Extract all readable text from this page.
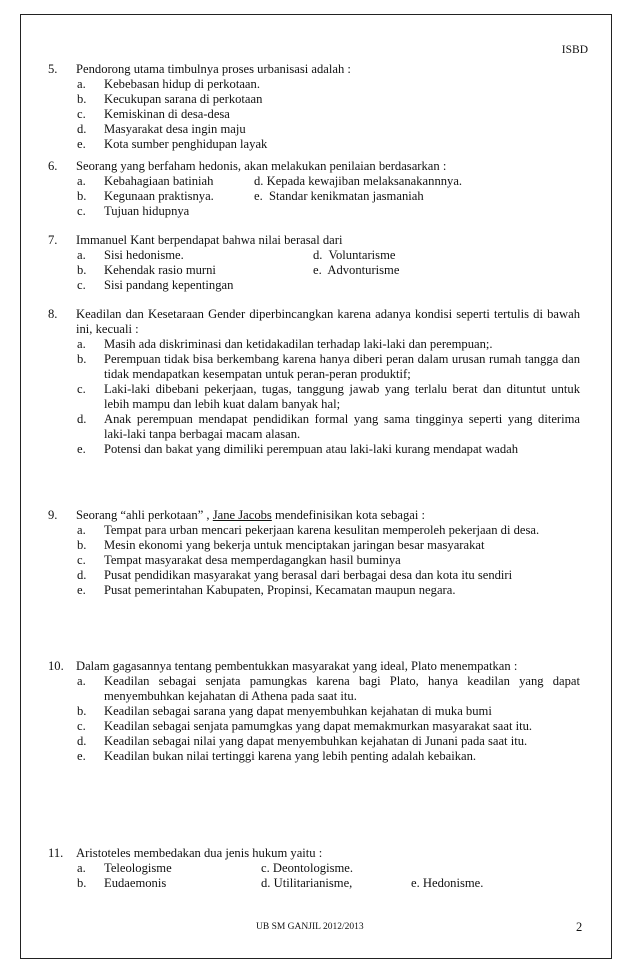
ISBD
5. Pendorong utama timbulnya proses urbanisasi adalah :
a. Kebebasan hidup di perkotaan.
b. Kecukupan sarana di perkotaan
c. Kemiskinan di desa-desa
d. Masyarakat desa ingin maju
e. Kota sumber penghidupan layak
6. Seorang yang berfaham hedonis, akan melakukan penilaian berdasarkan :
a. Kebahagiaan batiniah	d. Kepada kewajiban melaksanakannnya.
b. Kegunaan praktisnya.	e. Standar kenikmatan jasmaniah
c. Tujuan hidupnya
7. Immanuel Kant berpendapat bahwa nilai berasal dari
a. Sisi hedonisme.	d. Voluntarisme
b. Kehendak rasio murni	e. Advonturisme
c. Sisi pandang kepentingan
8. Keadilan dan Kesetaraan Gender diperbincangkan karena adanya kondisi seperti tertulis di bawah ini, kecuali :
a. Masih ada diskriminasi dan ketidakadilan terhadap laki-laki dan perempuan;.
b. Perempuan tidak bisa berkembang karena hanya diberi peran dalam urusan rumah tangga dan tidak mendapatkan kesempatan untuk peran-peran produktif;
c. Laki-laki dibebani pekerjaan, tugas, tanggung jawab yang terlalu berat dan dituntut untuk lebih mampu dan lebih kuat dalam banyak hal;
d. Anak perempuan mendapat pendidikan formal yang sama tingginya seperti yang diterima laki-laki tanpa berbagai macam alasan.
e. Potensi dan bakat yang dimiliki perempuan atau laki-laki kurang mendapat wadah
9. Seorang “ahli perkotaan” , Jane Jacobs mendefinisikan kota sebagai :
a. Tempat para urban mencari pekerjaan karena kesulitan memperoleh pekerjaan di desa.
b. Mesin ekonomi yang bekerja untuk menciptakan jaringan besar masyarakat
c. Tempat masyarakat desa memperdagangkan hasil buminya
d. Pusat pendidikan masyarakat yang berasal dari berbagai desa dan kota itu sendiri
e. Pusat pemerintahan Kabupaten, Propinsi, Kecamatan maupun negara.
10. Dalam gagasannya tentang pembentukkan masyarakat yang ideal, Plato menempatkan :
a. Keadilan sebagai senjata pamungkas karena bagi Plato, hanya keadilan yang dapat menyembuhkan kejahatan di Athena pada saat itu.
b. Keadilan sebagai sarana yang dapat menyembuhkan kejahatan di muka bumi
c. Keadilan sebagai senjata pamumgkas yang dapat memakmurkan masyarakat saat itu.
d. Keadilan sebagai nilai yang dapat menyembuhkan kejahatan di Junani pada saat itu.
e. Keadilan bukan nilai tertinggi karena yang lebih penting adalah kebaikan.
11. Aristoteles membedakan dua jenis hukum yaitu :
a. Teleologisme	c. Deontologisme.
b. Eudaemonis	d. Utilitarianisme,	e. Hedonisme.
UB SM GANJIL 2012/2013	2
